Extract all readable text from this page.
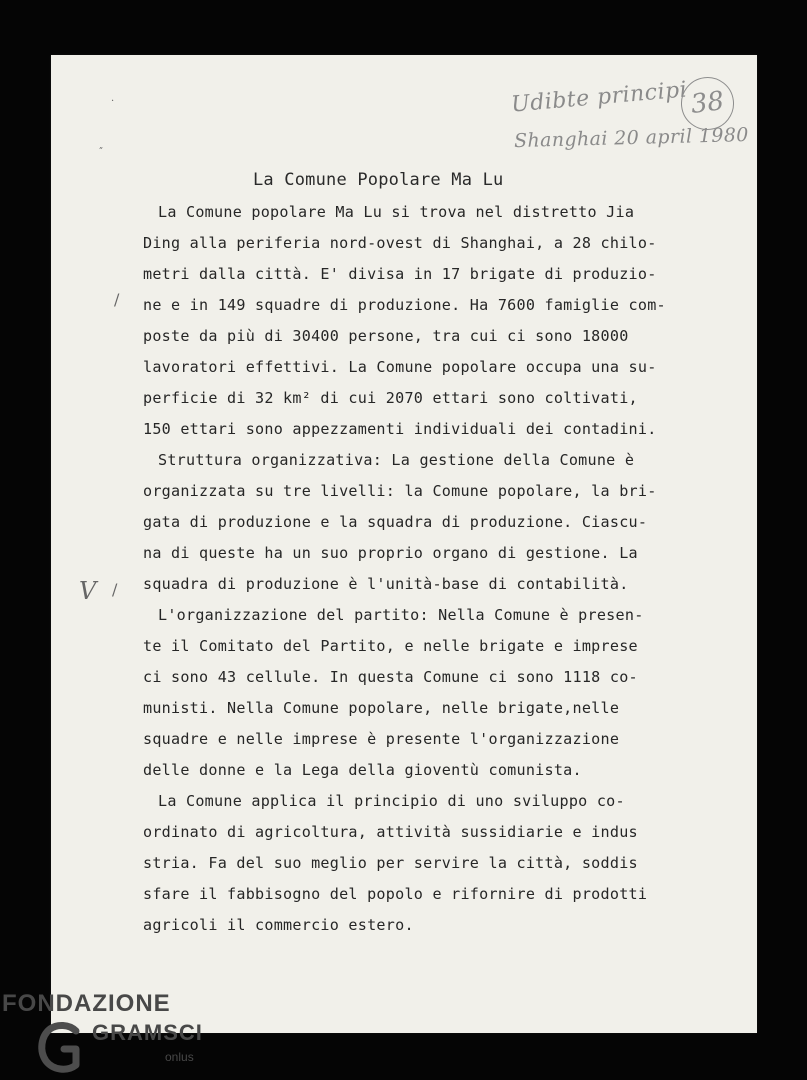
Udibte principi
Shanghai 20 april 1980
38
·
„
/
V /
La Comune Popolare Ma Lu
La Comune popolare Ma Lu si trova nel distretto Jia
Ding alla periferia nord-ovest di Shanghai, a 28 chilo-
metri dalla città. E' divisa in 17 brigate di produzio-
ne e in 149 squadre di produzione. Ha 7600 famiglie com-
poste da più di 30400 persone, tra cui ci sono 18000
lavoratori effettivi. La Comune popolare occupa una su-
perficie di 32 km² di cui 2070 ettari sono coltivati,
150 ettari sono appezzamenti individuali dei contadini.
Struttura organizzativa: La gestione della Comune è
organizzata su tre livelli: la Comune popolare, la bri-
gata di produzione e la squadra di produzione. Ciascu-
na di queste ha un suo proprio organo di gestione. La
squadra di produzione è l'unità-base di contabilità.
L'organizzazione del partito: Nella Comune è presen-
te il Comitato del Partito, e nelle brigate e imprese
ci sono 43 cellule. In questa Comune ci sono 1118 co-
munisti. Nella Comune popolare, nelle brigate,nelle
squadre e nelle imprese è presente l'organizzazione
delle donne e la Lega della gioventù comunista.
La Comune applica il principio di uno sviluppo co-
ordinato di agricoltura, attività sussidiarie e indus
stria. Fa del suo meglio per servire la città, soddis
sfare il fabbisogno del popolo e rifornire di prodotti
agricoli il commercio estero.
FONDAZIONE
GRAMSCI
onlus
